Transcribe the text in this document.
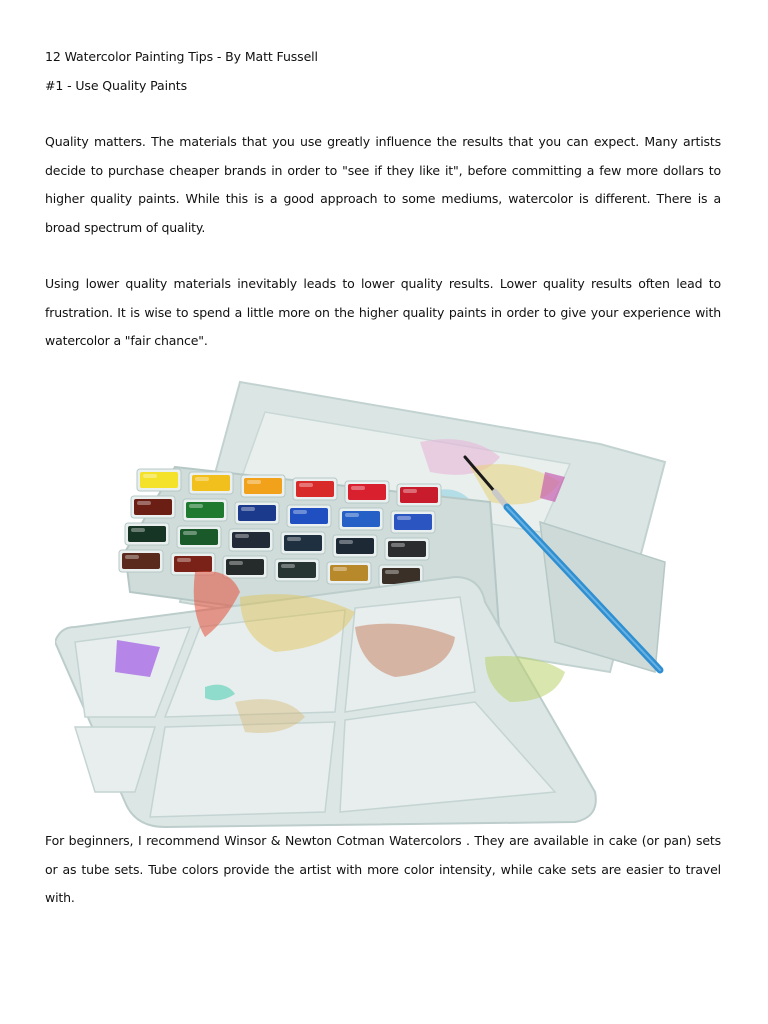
12 Watercolor Painting Tips - By Matt Fussell
#1 - Use Quality Paints

Quality matters. The materials that you use greatly influence the results that you can expect. Many artists decide to purchase cheaper brands in order to "see if they like it", before committing a few more dollars to higher quality paints. While this is a good approach to some mediums, watercolor is different. There is a broad spectrum of quality.

Using lower quality materials inevitably leads to lower quality results. Lower quality results often lead to frustration. It is wise to spend a little more on the higher quality paints in order to give your experience with watercolor a "fair chance".

For beginners, I recommend Winsor & Newton Cotman Watercolors . They are available in cake (or pan) sets or as tube sets. Tube colors provide the artist with more color intensity, while cake sets are easier to travel with.
